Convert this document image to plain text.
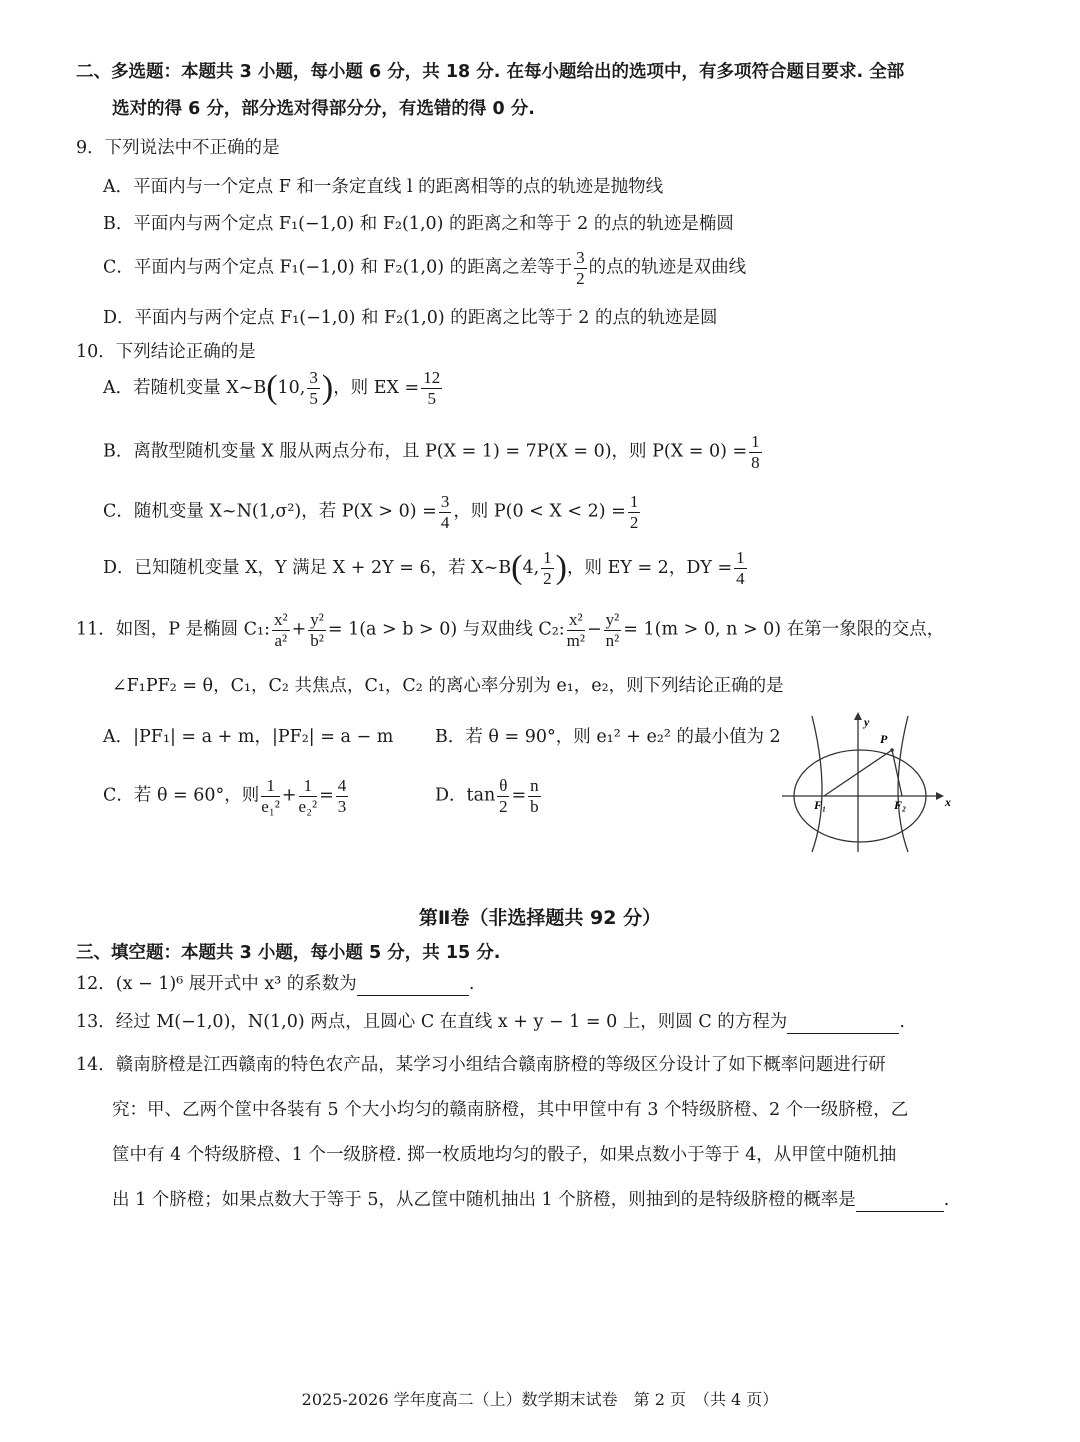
二、多选题：本题共 3 小题，每小题 6 分，共 18 分. 在每小题给出的选项中，有多项符合题目要求. 全部
选对的得 6 分，部分选对得部分分，有选错的得 0 分.
9．下列说法中不正确的是
A．平面内与一个定点 F 和一条定直线 l 的距离相等的点的轨迹是抛物线
B．平面内与两个定点 F₁(−1,0) 和 F₂(1,0) 的距离之和等于 2 的点的轨迹是椭圆
C．平面内与两个定点 F₁(−1,0) 和 F₂(1,0) 的距离之差等于 $\frac{3}{2}$ 的点的轨迹是双曲线
D．平面内与两个定点 F₁(−1,0) 和 F₂(1,0) 的距离之比等于 2 的点的轨迹是圆
10．下列结论正确的是
A．若随机变量 X~B(10, $\frac{3}{5}$ )，则 EX = $\frac{12}{5}$
B．离散型随机变量 X 服从两点分布，且 P(X = 1) = 7P(X = 0)，则 $P(X = 0) = \frac{1}{8}$
C．随机变量 X~N(1,σ²)，若 $P(X > 0) = \frac{3}{4}$ ，则 $P(0 < X < 2) = \frac{1}{2}$
D．已知随机变量 X，Y 满足 X + 2Y = 6，若 X~B(4, $\frac{1}{2}$ )，则 EY = 2，DY = $\frac{1}{4}$
11．如图，P 是椭圆 C₁: $\frac{\text{x²}}{\text{a²}} + \frac{\text{y²}}{\text{b²}} = 1(a > b > 0)$ 与双曲线 C₂: $\frac{\text{x²}}{\text{m²}} - \frac{\text{y²}}{\text{n²}} = 1(m > 0$, n > 0) 在第一象限的交点，
∠F₁PF₂ = θ，C₁，C₂ 共焦点，C₁，C₂ 的离心率分别为 e₁，e₂，则下列结论正确的是
A．|PF₁| = a + m，|PF₂| = a − m B．若 θ = 90°，则 e₁² + e₂² 的最小值为 2
C．若 θ = 60°，则 $\frac{1}{\text{e₁²}} + \frac{1}{\text{e₂²}} = \frac{4}{3}$	D．$\tan \frac{\theta}{2} = \frac{n}{b}$
y
x
P
F₁	F₂
第Ⅱ卷（非选择题共 92 分）
三、填空题：本题共 3 小题，每小题 5 分，共 15 分.
12．(x − 1)⁶ 展开式中 x³ 的系数为	.
13．经过 M(−1,0)，N(1,0) 两点，且圆心 C 在直线 x + y − 1 = 0 上，则圆 C 的方程为	.
14．赣南脐橙是江西赣南的特色农产品，某学习小组结合赣南脐橙的等级区分设计了如下概率问题进行研
究：甲、乙两个筐中各装有 5 个大小均匀的赣南脐橙，其中甲筐中有 3 个特级脐橙、2 个一级脐橙，乙
筐中有 4 个特级脐橙、1 个一级脐橙. 掷一枚质地均匀的骰子，如果点数小于等于 4，从甲筐中随机抽
出 1 个脐橙；如果点数大于等于 5，从乙筐中随机抽出 1 个脐橙，则抽到的是特级脐橙的概率是	.
2025-2026 学年度高二（上）数学期末试卷　第 2 页　（共 4 页）
